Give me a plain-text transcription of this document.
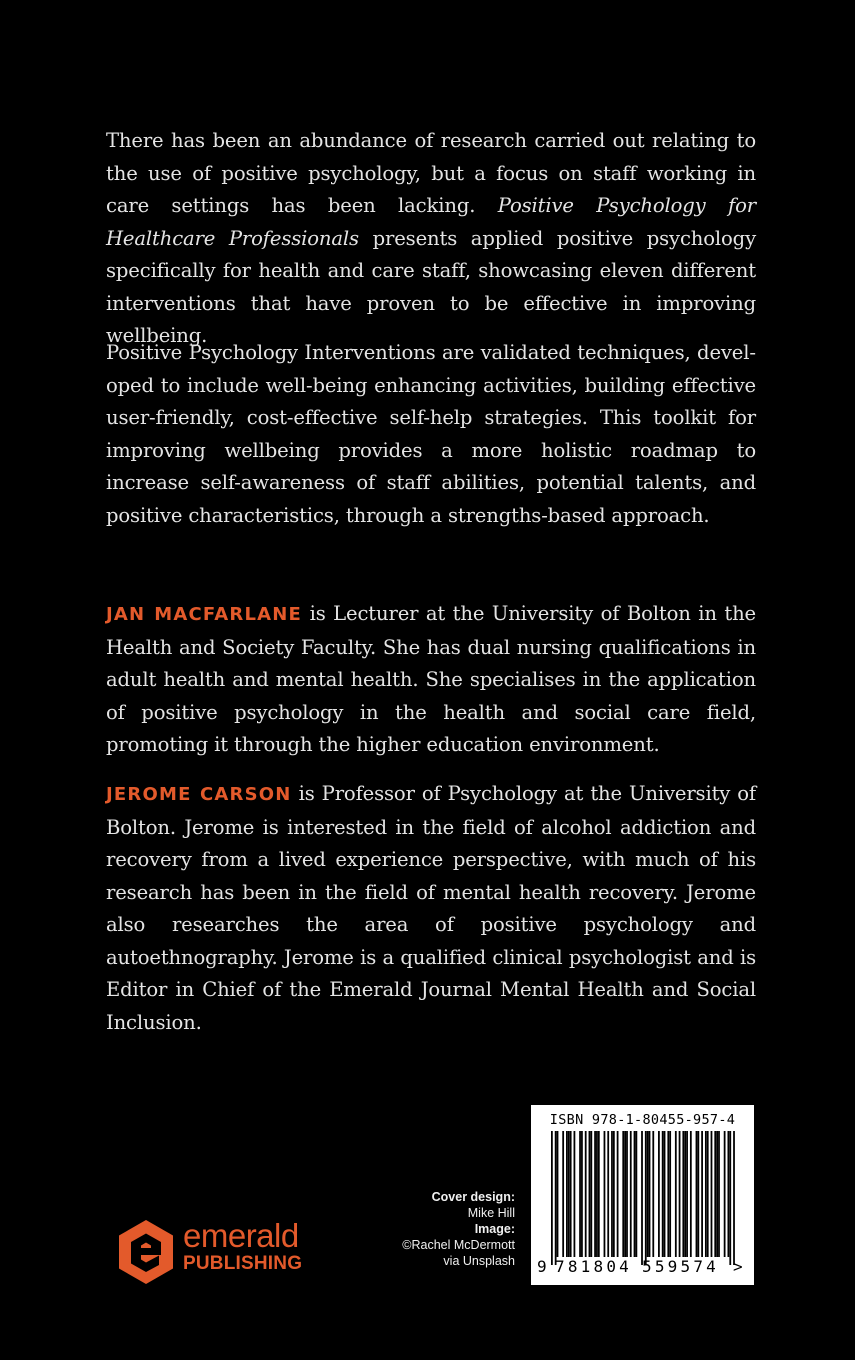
There has been an abundance of research carried out relating to the use of positive psychology, but a focus on staff working in care settings has been lacking. Positive Psychology for Healthcare Professionals presents applied positive psychology specifically for health and care staff, showcasing eleven different interventions that have proven to be effective in improving wellbeing.

Positive Psychology Interventions are validated techniques, developed to include well-being enhancing activities, building effective user-friendly, cost-effective self-help strategies. This toolkit for improving wellbeing provides a more holistic roadmap to increase self-awareness of staff abilities, potential talents, and positive characteristics, through a strengths-based approach.

JAN MACFARLANE is Lecturer at the University of Bolton in the Health and Society Faculty. She has dual nursing qualifications in adult health and mental health. She specialises in the application of positive psychology in the health and social care field, promoting it through the higher education environment.

JEROME CARSON is Professor of Psychology at the University of Bolton. Jerome is interested in the field of alcohol addiction and recovery from a lived experience perspective, with much of his research has been in the field of mental health recovery. Jerome also researches the area of positive psychology and autoethnography. Jerome is a qualified clinical psychologist and is Editor in Chief of the Emerald Journal Mental Health and Social Inclusion.

Cover design:
Mike Hill
Image:
©Rachel McDermott
via Unsplash
emerald
PUBLISHING
ISBN 978-1-80455-957-4
9 781804 559574 >
